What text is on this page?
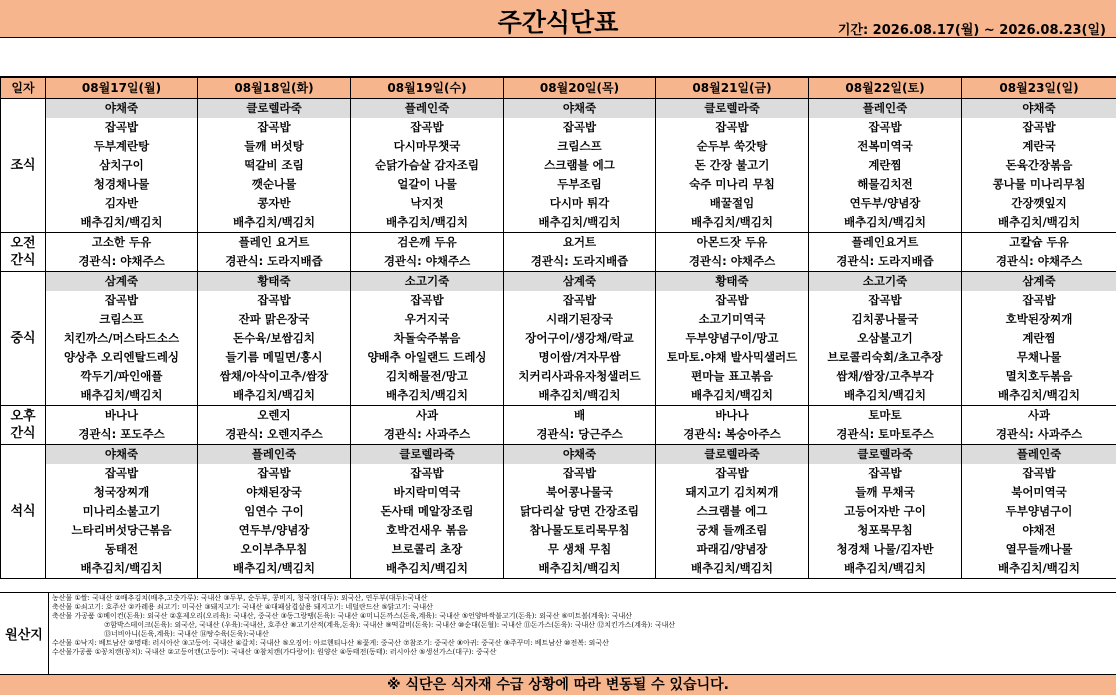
주간식단표	기간: 2026.08.17(월) ~ 2026.08.23(일)
일자	08월17일(월)	08월18일(화)	08월19일(수)	08월20일(목)	08월21일(금)	08월22일(토)	08월23일(일)
조식	야채죽	클로렐라죽	플레인죽	야채죽	클로렐라죽	플레인죽	야채죽
	잡곡밥	잡곡밥	잡곡밥	잡곡밥	잡곡밥	잡곡밥	잡곡밥
	두부계란탕	들깨 버섯탕	다시마무챗국	크림스프	순두부 쑥갓탕	전복미역국	계란국
	삼치구이	떡갈비 조림	순닭가슴살 감자조림	스크램블 에그	돈 간장 불고기	계란찜	돈육간장볶음
	청경채나물	깻순나물	얼갈이 나물	두부조림	숙주 미나리 무침	해물김치전	콩나물 미나리무침
	김자반	콩자반	낙지젓	다시마 튀각	배꿀절임	연두부/양념장	간장깻잎지
	배추김치/백김치	배추김치/백김치	배추김치/백김치	배추김치/백김치	배추김치/백김치	배추김치/백김치	배추김치/백김치
오전
간식	고소한 두유	플레인 요거트	검은깨 두유	요거트	아몬드잣 두유	플레인요거트	고칼슘 두유
	경관식: 야채주스	경관식: 도라지배즙	경관식: 야채주스	경관식: 도라지배즙	경관식: 야채주스	경관식: 도라지배즙	경관식: 야채주스
중식	삼계죽	황태죽	소고기죽	삼계죽	황태죽	소고기죽	삼계죽
	잡곡밥	잡곡밥	잡곡밥	잡곡밥	잡곡밥	잡곡밥	잡곡밥
	크림스프	잔파 맑은장국	우거지국	시래기된장국	소고기미역국	김치콩나물국	호박된장찌개
	치킨까스/머스타드소스	돈수육/보쌈김치	차돌숙주볶음	장어구이/생강채/락교	두부양념구이/망고	오삼불고기	계란찜
	양상추 오리엔탈드레싱	들기름 메밀면/홍시	양배추 아일랜드 드레싱	명이쌈/겨자무쌈	토마토.야채 발사믹샐러드	브로콜리숙회/초고추장	무채나물
	깍두기/파인애플	쌈채/아삭이고추/쌈장	김치해물전/망고	치커리사과유자청샐러드	편마늘 표고볶음	쌈채/쌈장/고추부각	멸치호두볶음
	배추김치/백김치	배추김치/백김치	배추김치/백김치	배추김치/백김치	배추김치/백김치	배추김치/백김치	배추김치/백김치
오후
간식	바나나	오렌지	사과	배	바나나	토마토	사과
	경관식: 포도주스	경관식: 오렌지주스	경관식: 사과주스	경관식: 당근주스	경관식: 복숭아주스	경관식: 토마토주스	경관식: 사과주스
석식	야채죽	플레인죽	클로렐라죽	야채죽	클로렐라죽	클로렐라죽	플레인죽
	잡곡밥	잡곡밥	잡곡밥	잡곡밥	잡곡밥	잡곡밥	잡곡밥
	청국장찌개	야채된장국	바지락미역국	북어콩나물국	돼지고기 김치찌개	들깨 무채국	북어미역국
	미나리소불고기	임연수 구이	돈사태 메알장조림	닭다리살 당면 간장조림	스크램블 에그	고등어자반 구이	두부양념구이
	느타리버섯당근볶음	연두부/양념장	호박건새우 볶음	참나물도토리묵무침	궁채 들깨조림	청포묵무침	야채전
	동태전	오이부추무침	브로콜리 초장	무 생채 무침	파래김/양념장	청경채 나물/김자반	열무들깨나물
	배추김치/백김치	배추김치/백김치	배추김치/백김치	배추김치/백김치	배추김치/백김치	배추김치/백김치	배추김치/백김치
원산지
농산물 ①쌀: 국내산 ②배추김치(배추,고춧가루): 국내산 ③두부, 순두부, 콩비지, 청국장(대두): 외국산, 연두부(대두):국내산
축산물 ①쇠고기: 호주산 ②카레용 쇠고기: 미국산 ③돼지고기: 국내산 ④대패삼겹살용 돼지고기: 네덜란드산 ⑤닭고기: 국내산
축산물 가공품 ①베이컨(돈육): 외국산 ②훈제오리(오리육): 국내산, 중국산 ③동그랑땡(돈육): 국내산 ④미니돈까스(돈육,계육): 국내산 ⑤언양바싹불고기(돈육): 외국산 ⑥미트볼(계육): 국내산
⑦함박스테이크(돈육): 외국산, 국내산 (우육):국내산, 호주산 ⑧고기산적(계육,돈육): 국내산 ⑨떡갈비(돈육): 국내산 ⑩순대(돈혈): 국내산 ⑪돈가스(돈육): 국내산 ⑫치킨가스(계육): 국내산
⑬너비아니(돈육,계육): 국내산 ⑭탕수육(돈육):국내산
수산물 ①낙지: 베트남산 ②명태: 러시아산 ③고등어: 국내산 ④갈치: 국내산 ⑤오징어: 아르헨티나산 ⑥꽃게: 중국산 ⑦참조기: 중국산 ⑧아귀: 중국산 ⑨주꾸미: 베트남산 ⑩전복: 외국산
수산물가공품 ①꽁치캔(꽁치): 국내산 ②고등어캔(고등어): 국내산 ③참치캔(가다랑어): 원양산 ④동태전(동태): 러시아산 ⑤생선가스(대구): 중국산
※ 식단은 식자재 수급 상황에 따라 변동될 수 있습니다.
